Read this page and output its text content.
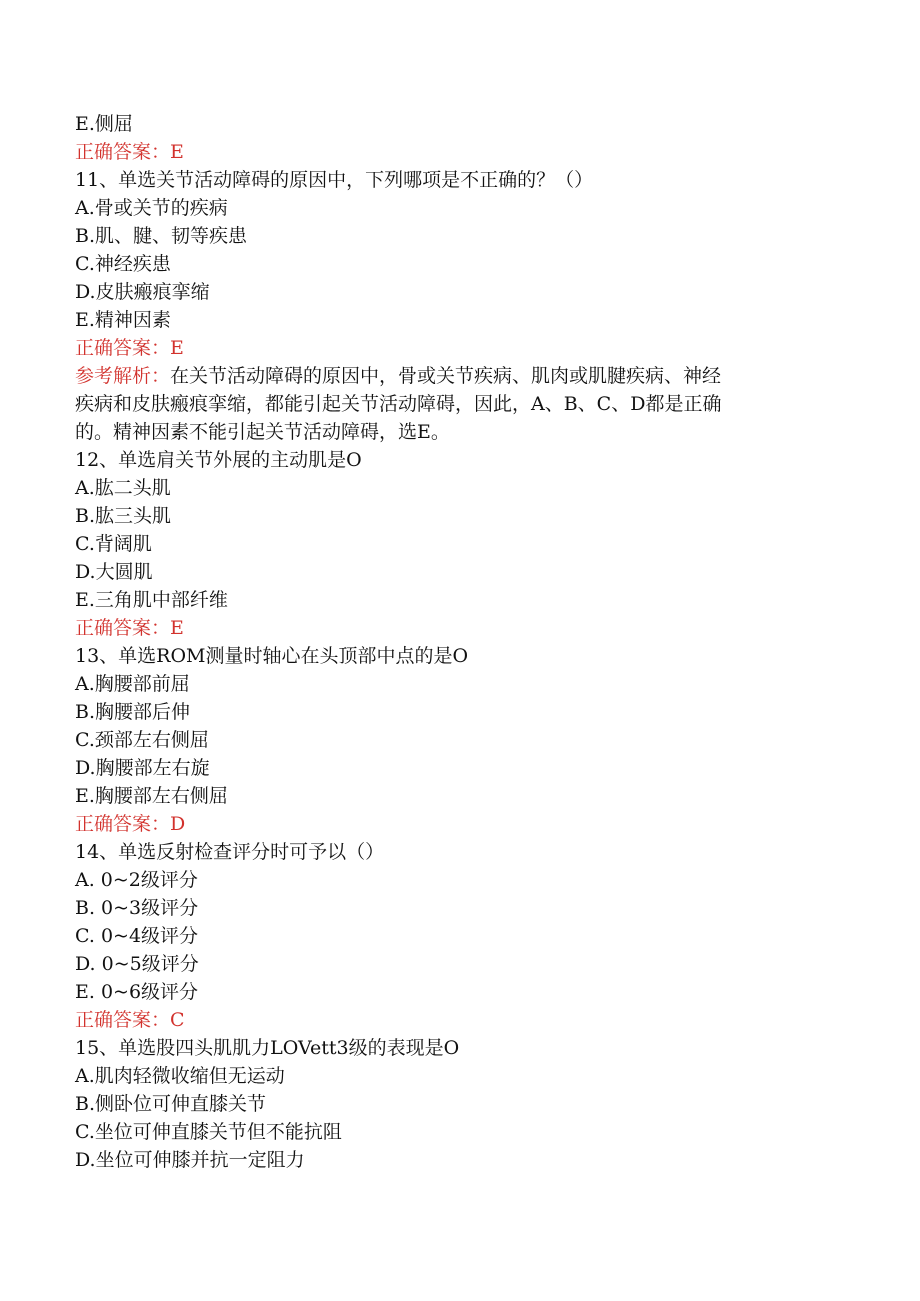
E.侧屈
正确答案：E
11、单选关节活动障碍的原因中，下列哪项是不正确的？（）
A.骨或关节的疾病
B.肌、腱、韧等疾患
C.神经疾患
D.皮肤瘢痕挛缩
E.精神因素
正确答案：E
参考解析：在关节活动障碍的原因中，骨或关节疾病、肌肉或肌腱疾病、神经
疾病和皮肤瘢痕挛缩，都能引起关节活动障碍，因此，A、B、C、D都是正确
的。精神因素不能引起关节活动障碍，选E。
12、单选肩关节外展的主动肌是O
A.肱二头肌
B.肱三头肌
C.背阔肌
D.大圆肌
E.三角肌中部纤维
正确答案：E
13、单选ROM测量时轴心在头顶部中点的是O
A.胸腰部前屈
B.胸腰部后伸
C.颈部左右侧屈
D.胸腰部左右旋
E.胸腰部左右侧屈
正确答案：D
14、单选反射检查评分时可予以（）
A. 0~2级评分
B. 0~3级评分
C. 0~4级评分
D. 0~5级评分
E. 0~6级评分
正确答案：C
15、单选股四头肌肌力LOVett3级的表现是O
A.肌肉轻微收缩但无运动
B.侧卧位可伸直膝关节
C.坐位可伸直膝关节但不能抗阻
D.坐位可伸膝并抗一定阻力
